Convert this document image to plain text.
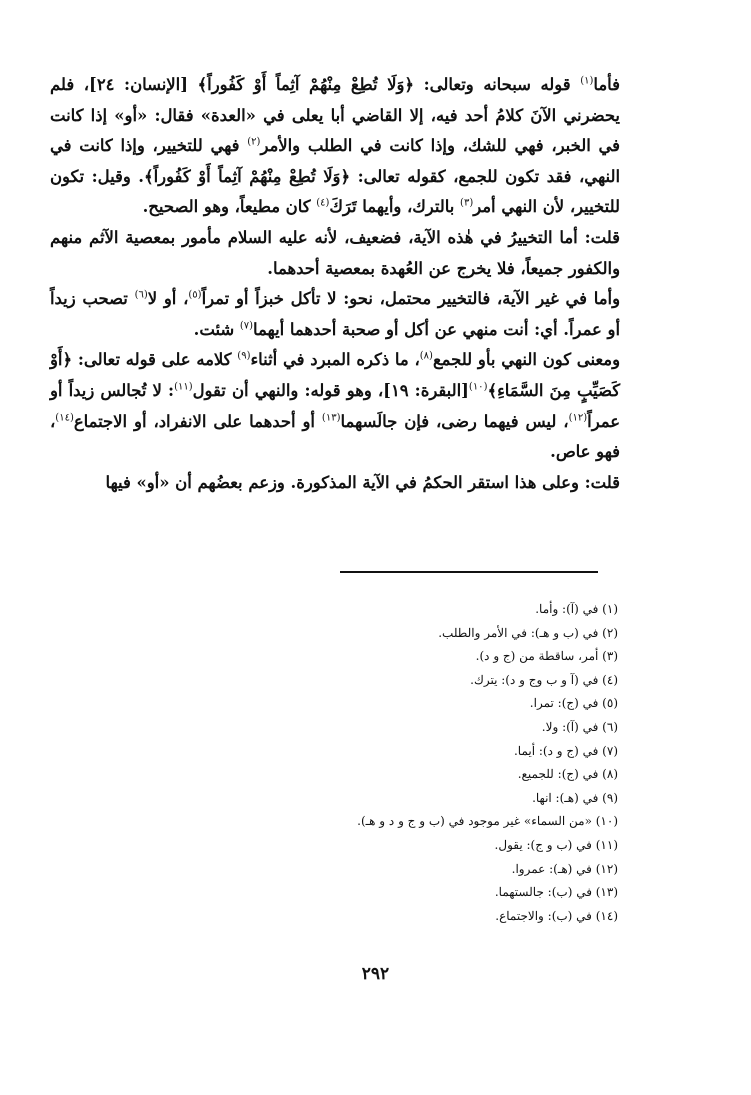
فأما$^{(١)}$ قوله سبحانه وتعالى: ﴿وَلَا تُطِعْ مِنْهُمْ آثِماً أَوْ كَفُوراً﴾ [الإنسان: ٢٤]، فلم يحضرني الآنَ كلامُ أحد فيه، إلا القاضي أبا يعلى في «العدة» فقال: «أو» إذا كانت في الخبر، فهي للشك، وإذا كانت في الطلب والأمر$^{(٢)}$ فهي للتخيير، وإذا كانت في النهي، فقد تكون للجمع، كقوله تعالى: ﴿وَلَا تُطِعْ مِنْهُمْ آثِماً أَوْ كَفُوراً﴾. وقيل: تكون للتخيير، لأن النهي أمر$^{(٣)}$ بالترك، وأيهما تَرَكَ$^{(٤)}$ كان مطيعاً، وهو الصحيح.

قلت: أما التخييرُ في هٰذه الآية، فضعيف، لأنه عليه السلام مأمور بمعصية الآثم منهم والكفور جميعاً، فلا يخرج عن العُهدة بمعصية أحدهما.

وأما في غير الآية، فالتخيير محتمل، نحو: لا تأكل خبزاً أو تمراً$^{(٥)}$، أو لا$^{(٦)}$ تصحب زيداً أو عمراً. أي: أنت منهي عن أكل أو صحبة أحدهما أيهما$^{(٧)}$ شئت.

ومعنى كون النهي بأو للجمع$^{(٨)}$، ما ذكره المبرد في أثناء$^{(٩)}$ كلامه على قوله تعالى: ﴿أَوْ كَصَيِّبٍ مِنَ السَّمَاءِ﴾$^{(١٠)}$[البقرة: ١٩]، وهو قوله: والنهي أن تقول$^{(١١)}$: لا تُجالس زيداً أو عمراً$^{(١٢)}$، ليس فيهما رضى، فإن جالَسهما$^{(١٣)}$ أو أحدهما على الانفراد، أو الاجتماع$^{(١٤)}$، فهو عاص.

قلت: وعلى هذا استقر الحكمُ في الآية المذكورة. وزعم بعضُهم أن «أو» فيها

(١) في (آ): وأما.
(٢) في (ب و هـ): في الأمر والطلب.
(٣) أمر، ساقطة من (ج و د).
(٤) في (آ و ب وج و د): يترك.
(٥) في (ج): تمرا.
(٦) في (آ): ولا.
(٧) في (ج و د): أيما.
(٨) في (ج): للجميع.
(٩) في (هـ): انها.
(١٠) «من السماء» غير موجود في (ب و ج و د و هـ).
(١١) في (ب و ج): يقول.
(١٢) في (هـ): عمروا.
(١٣) في (ب): جالستهما.
(١٤) في (ب): والاجتماع.
٢٩٢
